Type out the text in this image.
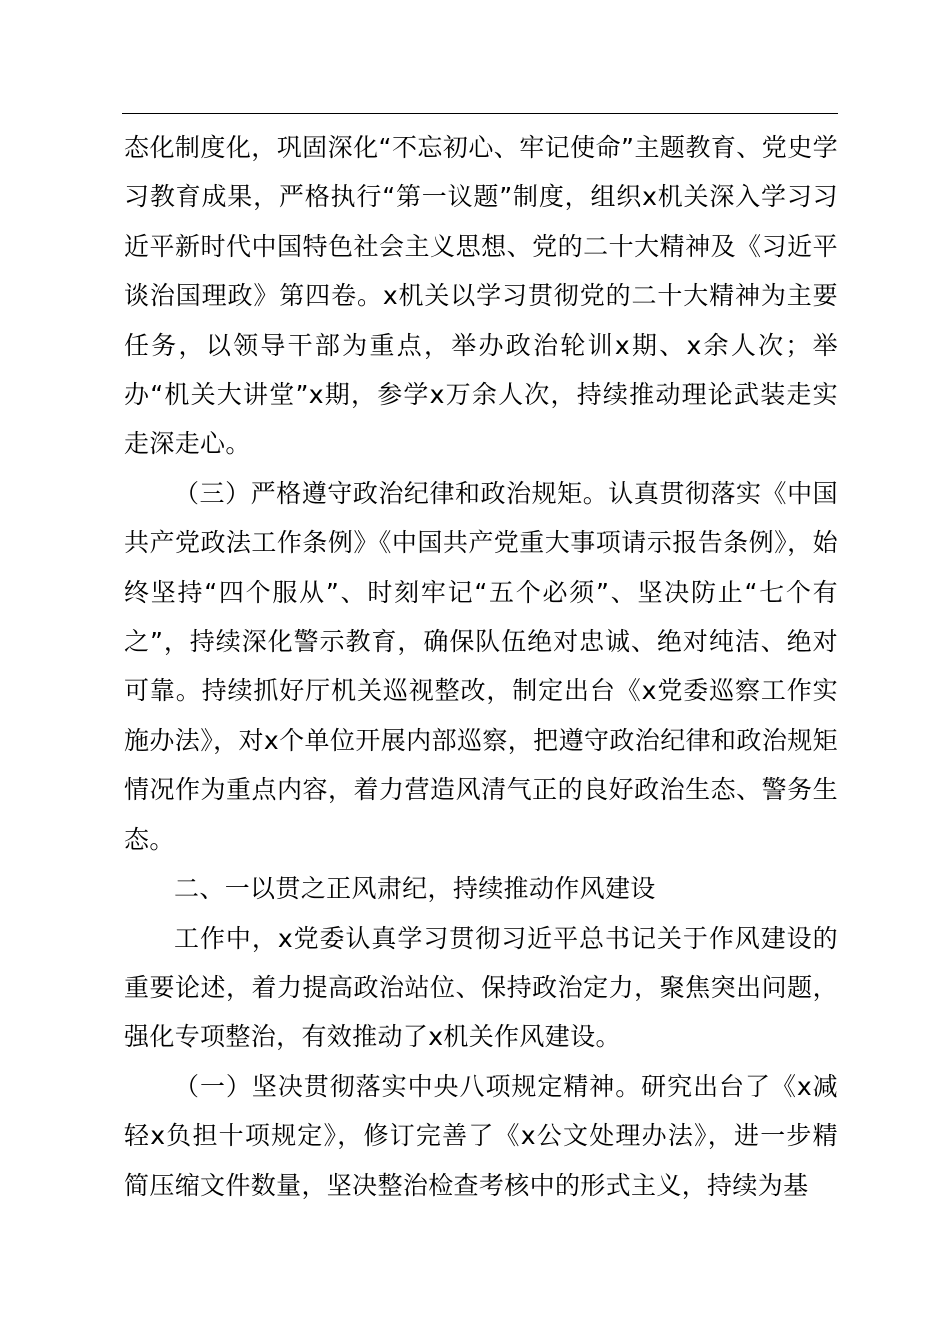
态化制度化，巩固深化“不忘初心、牢记使命”主题教育、党史学习教育成果，严格执行“第一议题”制度，组织x机关深入学习习近平新时代中国特色社会主义思想、党的二十大精神及《习近平谈治国理政》第四卷。x机关以学习贯彻党的二十大精神为主要任务，以领导干部为重点，举办政治轮训x期、x余人次；举办“机关大讲堂”x期，参学x万余人次，持续推动理论武装走实走深走心。

（三）严格遵守政治纪律和政治规矩。认真贯彻落实《中国共产党政法工作条例》《中国共产党重大事项请示报告条例》，始终坚持“四个服从”、时刻牢记“五个必须”、坚决防止“七个有之”，持续深化警示教育，确保队伍绝对忠诚、绝对纯洁、绝对可靠。持续抓好厅机关巡视整改，制定出台《x党委巡察工作实施办法》，对x个单位开展内部巡察，把遵守政治纪律和政治规矩情况作为重点内容，着力营造风清气正的良好政治生态、警务生态。

二、一以贯之正风肃纪，持续推动作风建设

工作中，x党委认真学习贯彻习近平总书记关于作风建设的重要论述，着力提高政治站位、保持政治定力，聚焦突出问题，强化专项整治，有效推动了x机关作风建设。

（一）坚决贯彻落实中央八项规定精神。研究出台了《x减轻x负担十项规定》，修订完善了《x公文处理办法》，进一步精简压缩文件数量，坚决整治检查考核中的形式主义，持续为基
